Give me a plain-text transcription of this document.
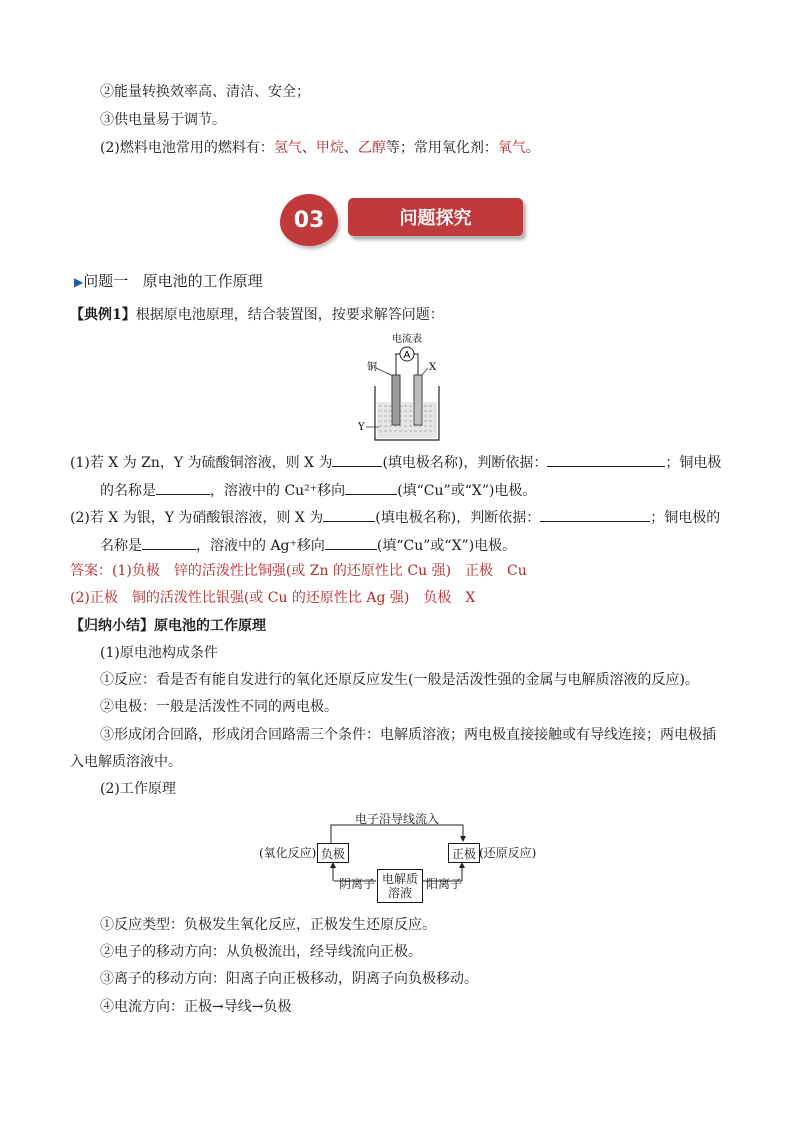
②能量转换效率高、清洁、安全；
③供电量易于调节。
(2)燃料电池常用的燃料有：氢气、甲烷、乙醇等；常用氧化剂：氧气。
03	问题探究
▶问题一 原电池的工作原理
【典例1】根据原电池原理，结合装置图，按要求解答问题：
电流表
A
铜	X
Y
(1)若 X 为 Zn，Y 为硫酸铜溶液，则 X 为	(填电极名称)，判断依据：	；铜电极
的名称是	，溶液中的 Cu²⁺移向	(填“Cu”或“X”)电极。
(2)若 X 为银，Y 为硝酸银溶液，则 X 为	(填电极名称)，判断依据：	；铜电极的
名称是	，溶液中的 Ag⁺移向	(填“Cu”或“X”)电极。
答案：(1)负极　锌的活泼性比铜强(或 Zn 的还原性比 Cu 强)　正极　Cu
(2)正极　铜的活泼性比银强(或 Cu 的还原性比 Ag 强)　负极　X
【归纳小结】原电池的工作原理
(1)原电池构成条件
①反应：看是否有能自发进行的氧化还原反应发生(一般是活泼性强的金属与电解质溶液的反应)。
②电极：一般是活泼性不同的两电极。
③形成闭合回路，形成闭合回路需三个条件：电解质溶液；两电极直接接触或有导线连接；两电极插
入电解质溶液中。
(2)工作原理
电子沿导线流入
(氧化反应) 负极	正极 (还原反应)
阴离子 电解质
溶液
阳离子
①反应类型：负极发生氧化反应，正极发生还原反应。
②电子的移动方向：从负极流出，经导线流向正极。
③离子的移动方向：阳离子向正极移动，阴离子向负极移动。
④电流方向：正极→导线→负极
